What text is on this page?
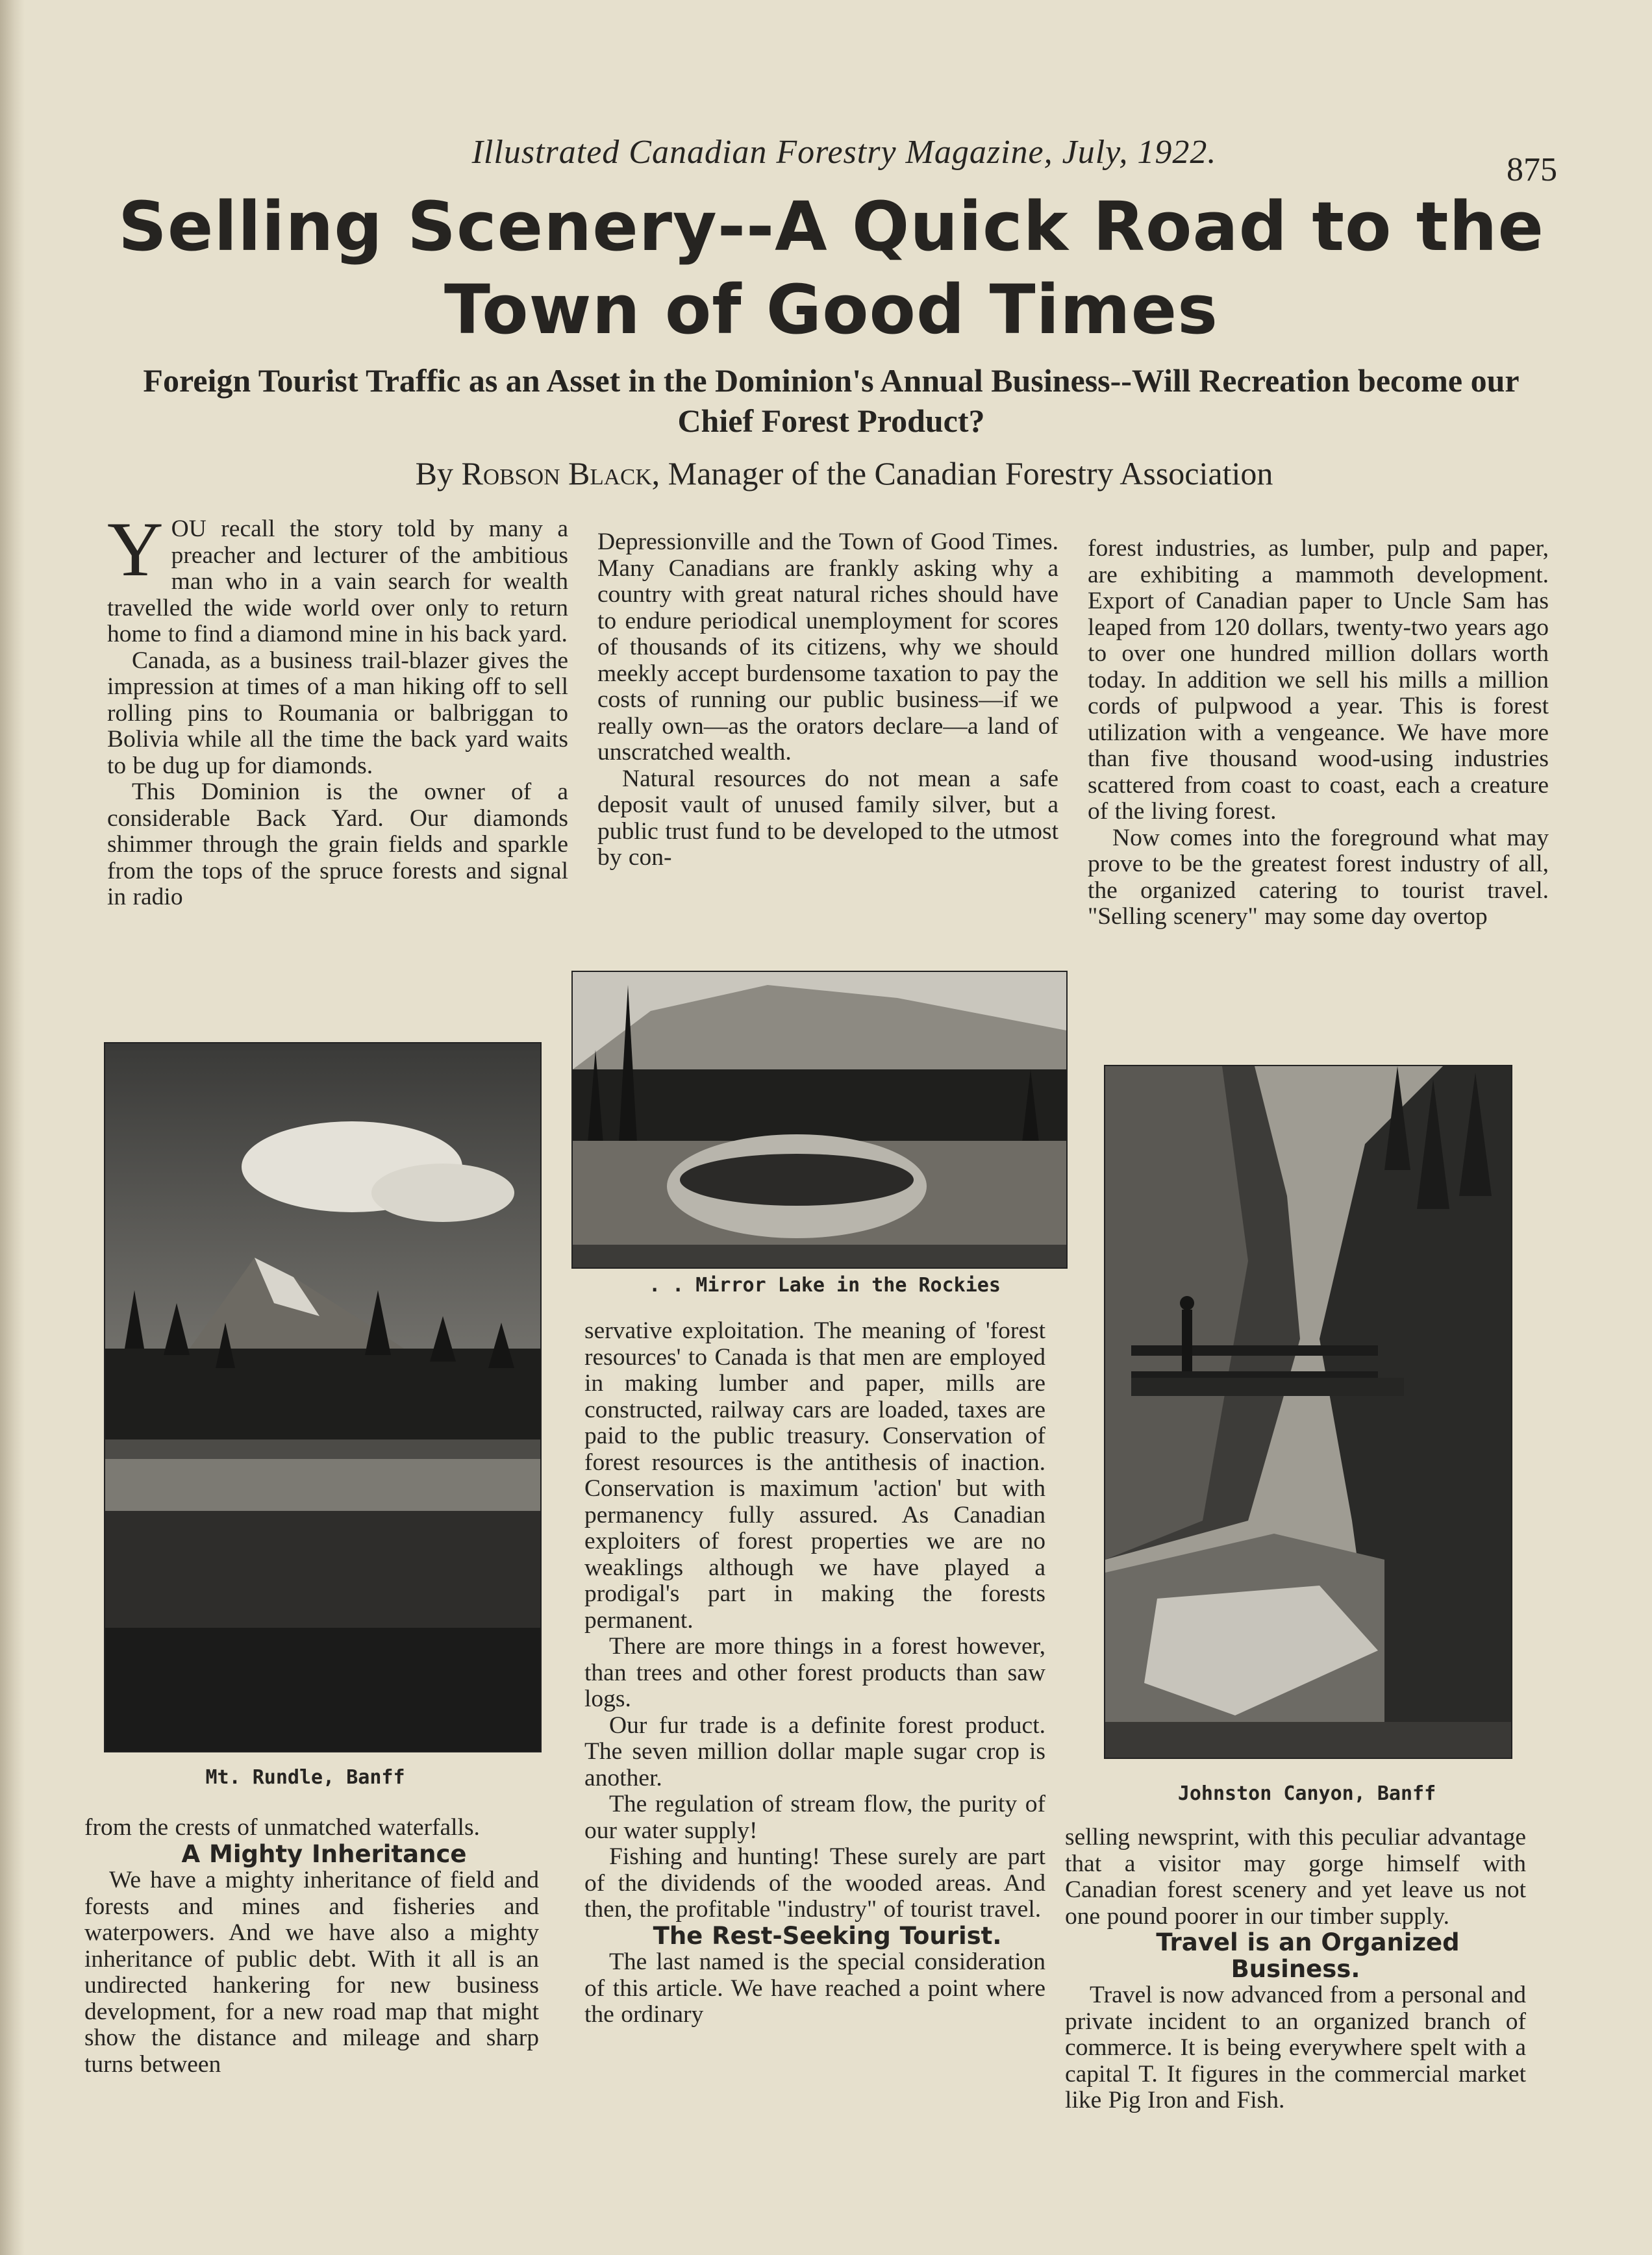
Illustrated Canadian Forestry Magazine, July, 1922.	875
Selling Scenery--A Quick Road to the Town of Good Times
Foreign Tourist Traffic as an Asset in the Dominion's Annual Business--Will Recreation become our Chief Forest Product?
By Robson Black, Manager of the Canadian Forestry Association

YOU recall the story told by many a preacher and lecturer of the ambitious man who in a vain search for wealth travelled the wide world over only to return home to find a diamond mine in his back yard.

Canada, as a business trail-blazer gives the impression at times of a man hiking off to sell rolling pins to Roumania or balbriggan to Bolivia while all the time the back yard waits to be dug up for diamonds.

This Dominion is the owner of a considerable Back Yard. Our diamonds shimmer through the grain fields and sparkle from the tops of the spruce forests and signal in radio

Mt. Rundle, Banff

from the crests of unmatched waterfalls.

A Mighty Inheritance

We have a mighty inheritance of field and forests and mines and fisheries and waterpowers. And we have also a mighty inheritance of public debt. With it all is an undirected hankering for new business development, for a new road map that might show the distance and mileage and sharp turns between

Depressionville and the Town of Good Times. Many Canadians are frankly asking why a country with great natural riches should have to endure periodical unemployment for scores of thousands of its citizens, why we should meekly accept burdensome taxation to pay the costs of running our public business—if we really own—as the orators declare—a land of unscratched wealth.

Natural resources do not mean a safe deposit vault of unused family silver, but a public trust fund to be developed to the utmost by con-

. . Mirror Lake in the Rockies

servative exploitation. The meaning of 'forest resources' to Canada is that men are employed in making lumber and paper, mills are constructed, railway cars are loaded, taxes are paid to the public treasury. Conservation of forest resources is the antithesis of inaction. Conservation is maximum 'action' but with permanency fully assured. As Canadian exploiters of forest properties we are no weaklings although we have played a prodigal's part in making the forests permanent.

There are more things in a forest however, than trees and other forest products than saw logs.

Our fur trade is a definite forest product. The seven million dollar maple sugar crop is another.

The regulation of stream flow, the purity of our water supply!

Fishing and hunting! These surely are part of the dividends of the wooded areas. And then, the profitable "industry" of tourist travel.

The Rest-Seeking Tourist.

The last named is the special consideration of this article. We have reached a point where the ordinary

forest industries, as lumber, pulp and paper, are exhibiting a mammoth development. Export of Canadian paper to Uncle Sam has leaped from 120 dollars, twenty-two years ago to over one hundred million dollars worth today. In addition we sell his mills a million cords of pulpwood a year. This is forest utilization with a vengeance. We have more than five thousand wood-using industries scattered from coast to coast, each a creature of the living forest.

Now comes into the foreground what may prove to be the greatest forest industry of all, the organized catering to tourist travel. "Selling scenery" may some day overtop

Johnston Canyon, Banff

selling newsprint, with this peculiar advantage that a visitor may gorge himself with Canadian forest scenery and yet leave us not one pound poorer in our timber supply.

Travel is an Organized Business.

Travel is now advanced from a personal and private incident to an organized branch of commerce. It is being everywhere spelt with a capital T. It figures in the commercial market like Pig Iron and Fish.
